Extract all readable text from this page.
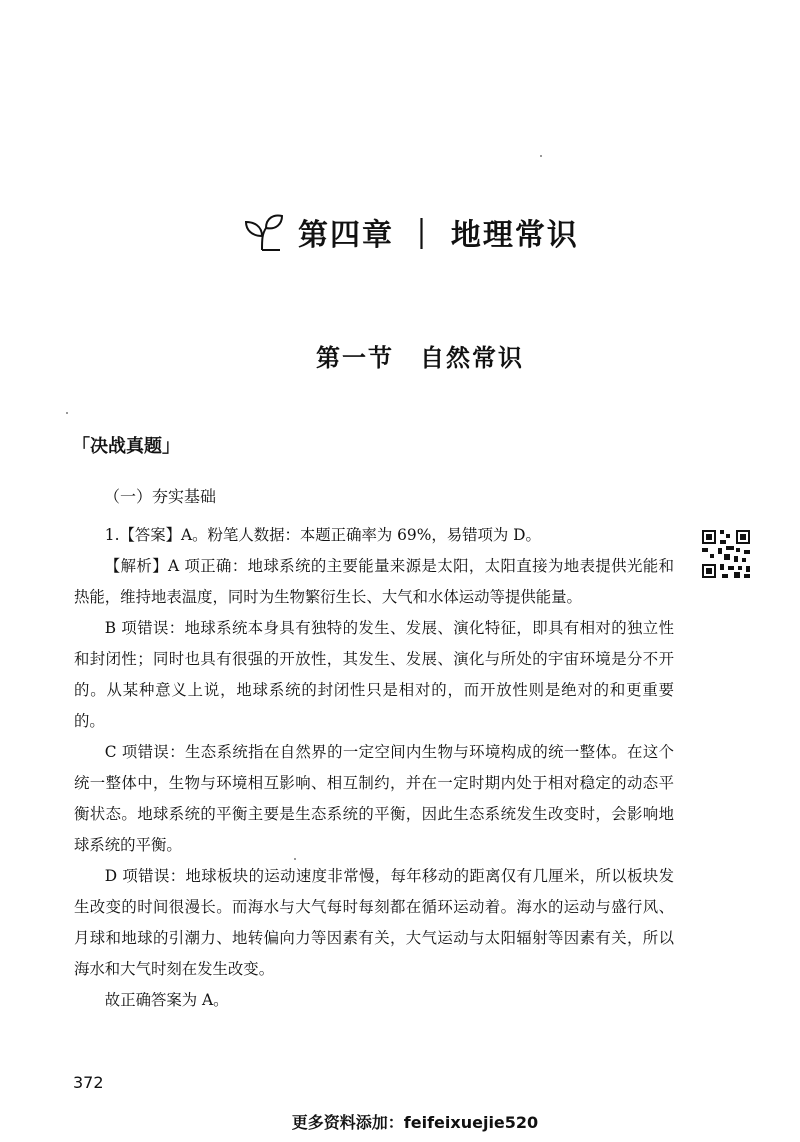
第四章 ｜ 地理常识
第一节　自然常识
「决战真题」
（一）夯实基础

1.【答案】A。粉笔人数据：本题正确率为 69%，易错项为 D。

【解析】A 项正确：地球系统的主要能量来源是太阳，太阳直接为地表提供光能和热能，维持地表温度，同时为生物繁衍生长、大气和水体运动等提供能量。

B 项错误：地球系统本身具有独特的发生、发展、演化特征，即具有相对的独立性和封闭性；同时也具有很强的开放性，其发生、发展、演化与所处的宇宙环境是分不开的。从某种意义上说，地球系统的封闭性只是相对的，而开放性则是绝对的和更重要的。

C 项错误：生态系统指在自然界的一定空间内生物与环境构成的统一整体。在这个统一整体中，生物与环境相互影响、相互制约，并在一定时期内处于相对稳定的动态平衡状态。地球系统的平衡主要是生态系统的平衡，因此生态系统发生改变时，会影响地球系统的平衡。

D 项错误：地球板块的运动速度非常慢，每年移动的距离仅有几厘米，所以板块发生改变的时间很漫长。而海水与大气每时每刻都在循环运动着。海水的运动与盛行风、月球和地球的引潮力、地转偏向力等因素有关，大气运动与太阳辐射等因素有关，所以海水和大气时刻在发生改变。

故正确答案为 A。

372
更多资料添加：feifeixuejie520
